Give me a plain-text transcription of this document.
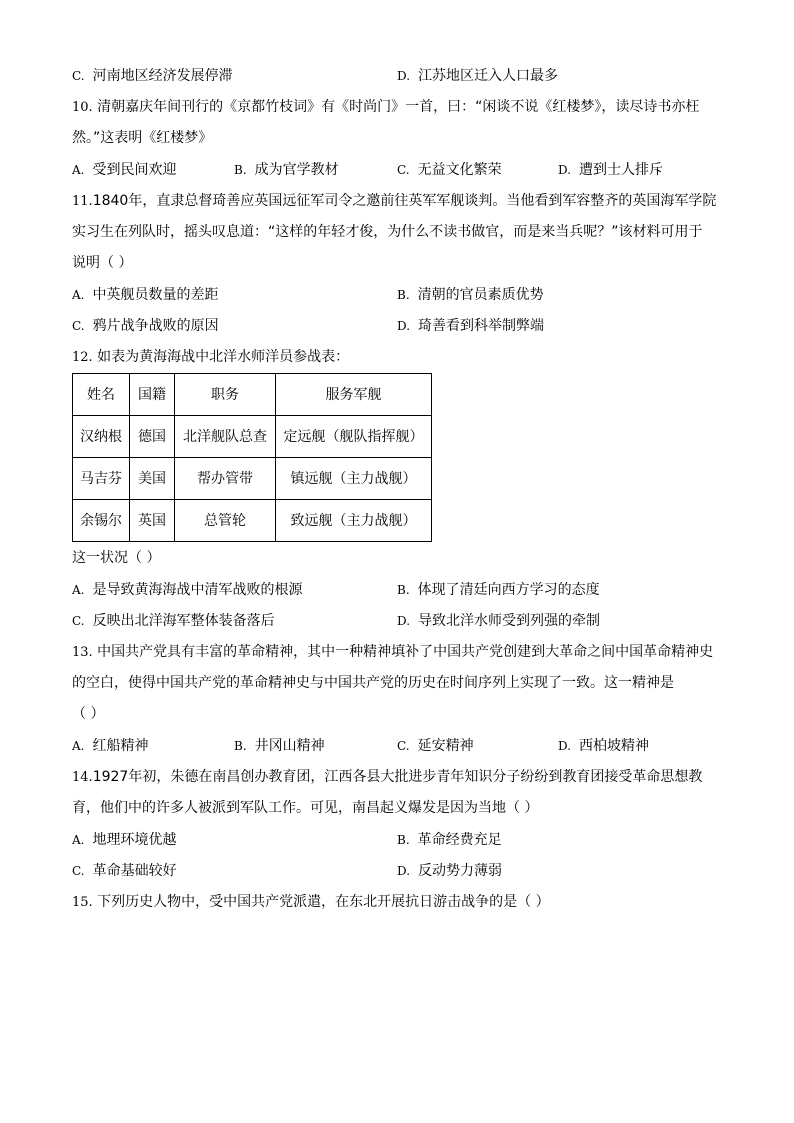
C. 河南地区经济发展停滞	D. 江苏地区迁入人口最多
10. 清朝嘉庆年间刊行的《京都竹枝词》有《时尚门》一首，曰：“闲谈不说《红楼梦》，读尽诗书亦枉
然。”这表明《红楼梦》
A. 受到民间欢迎	B. 成为官学教材	C. 无益文化繁荣	D. 遭到士人排斥
11.1840年，直隶总督琦善应英国远征军司令之邀前往英军军舰谈判。当他看到军容整齐的英国海军学院
实习生在列队时，摇头叹息道：“这样的年轻才俊，为什么不读书做官，而是来当兵呢？”该材料可用于
说明（ ）
A. 中英舰员数量的差距	B. 清朝的官员素质优势
C. 鸦片战争战败的原因	D. 琦善看到科举制弊端
12. 如表为黄海海战中北洋水师洋员参战表：
姓名	国籍	职务	服务军舰
汉纳根	德国	北洋舰队总查	定远舰（舰队指挥舰）
马吉芬	美国	帮办管带	镇远舰（主力战舰）
余锡尔	英国	总管轮	致远舰（主力战舰）
这一状况（ ）
A. 是导致黄海海战中清军战败的根源	B. 体现了清廷向西方学习的态度
C. 反映出北洋海军整体装备落后	D. 导致北洋水师受到列强的牵制
13. 中国共产党具有丰富的革命精神，其中一种精神填补了中国共产党创建到大革命之间中国革命精神史
的空白，使得中国共产党的革命精神史与中国共产党的历史在时间序列上实现了一致。这一精神是
（ ）
A. 红船精神	B. 井冈山精神	C. 延安精神	D. 西柏坡精神
14.1927年初，朱德在南昌创办教育团，江西各县大批进步青年知识分子纷纷到教育团接受革命思想教
育，他们中的许多人被派到军队工作。可见，南昌起义爆发是因为当地（ ）
A. 地理环境优越	B. 革命经费充足
C. 革命基础较好	D. 反动势力薄弱
15. 下列历史人物中，受中国共产党派遣，在东北开展抗日游击战争的是（ ）
